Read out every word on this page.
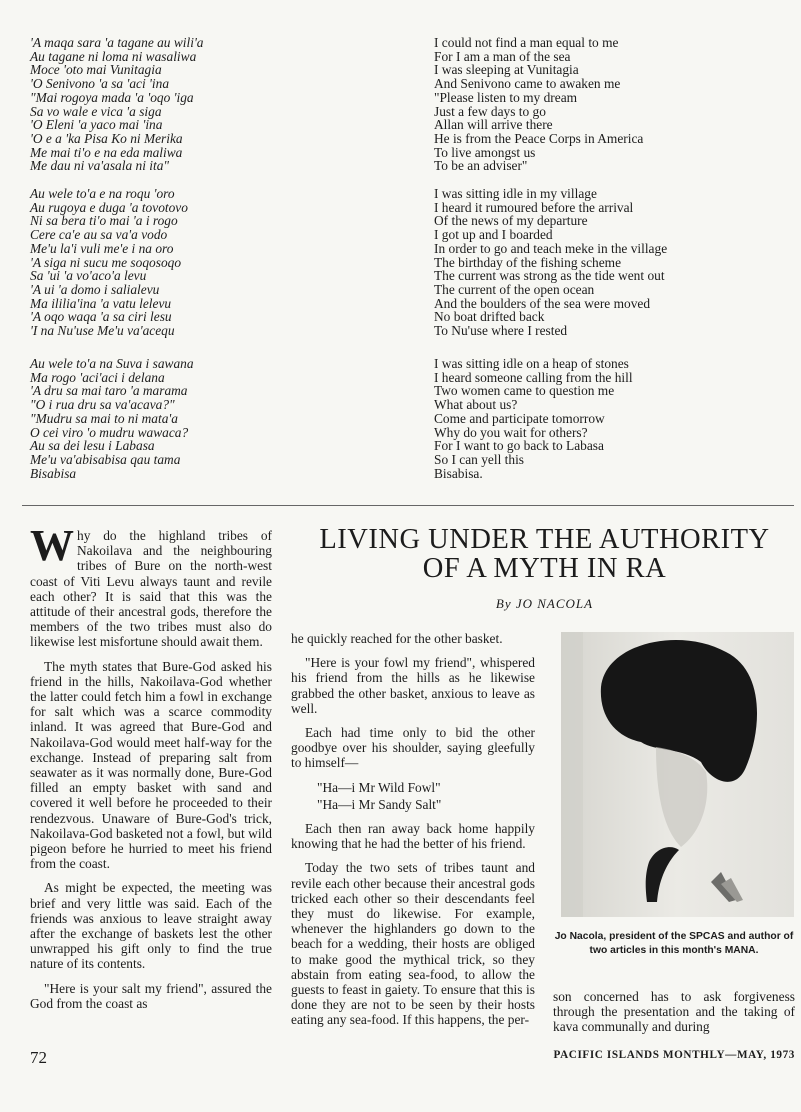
'A maqa sara 'a tagane au wili'a
Au tagane ni loma ni wasaliwa
Moce 'oto mai Vunitagia
'O Senivono 'a sa 'aci 'ina
"Mai rogoya mada 'a 'oqo 'iga
Sa vo wale e vica 'a siga
'O Eleni 'a yaco mai 'ina
'O e a 'ka Pisa Ko ni Merika
Me mai ti'o e na eda maliwa
Me dau ni va'asala ni ita"
Au wele to'a e na roqu 'oro
Au rugoya e duga 'a tovotovo
Ni sa bera ti'o mai 'a i rogo
Cere ca'e au sa va'a vodo
Me'u la'i vuli me'e i na oro
'A siga ni sucu me soqosoqo
Sa 'ui 'a vo'aco'a levu
'A ui 'a domo i salialevu
Ma ililia'ina 'a vatu lelevu
'A oqo waqa 'a sa ciri lesu
'I na Nu'use Me'u va'acequ
Au wele to'a na Suva i sawana
Ma rogo 'aci'aci i delana
'A dru sa mai taro 'a marama
"O i rua dru sa va'acava?"
"Mudru sa mai to ni mata'a
O cei viro 'o mudru wawaca?
Au sa dei lesu i Labasa
Me'u va'abisabisa qau tama
Bisabisa
I could not find a man equal to me
For I am a man of the sea
I was sleeping at Vunitagia
And Senivono came to awaken me
"Please listen to my dream
Just a few days to go
Allan will arrive there
He is from the Peace Corps in America
To live amongst us
To be an adviser"
I was sitting idle in my village
I heard it rumoured before the arrival
Of the news of my departure
I got up and I boarded
In order to go and teach meke in the village
The birthday of the fishing scheme
The current was strong as the tide went out
The current of the open ocean
And the boulders of the sea were moved
No boat drifted back
To Nu'use where I rested
I was sitting idle on a heap of stones
I heard someone calling from the hill
Two women came to question me
What about us?
Come and participate tomorrow
Why do you wait for others?
For I want to go back to Labasa
So I can yell this
Bisabisa.

Why do the highland tribes of Nakoilava and the neighbouring tribes of Bure on the north-west coast of Viti Levu always taunt and revile each other? It is said that this was the attitude of their ancestral gods, therefore the members of the two tribes must also do likewise lest misfortune should await them.

The myth states that Bure-God asked his friend in the hills, Nakoilava-God whether the latter could fetch him a fowl in exchange for salt which was a scarce commodity inland. It was agreed that Bure-God and Nakoilava-God would meet half-way for the exchange. Instead of preparing salt from seawater as it was normally done, Bure-God filled an empty basket with sand and covered it well before he proceeded to their rendezvous. Unaware of Bure-God's trick, Nakoilava-God basketed not a fowl, but wild pigeon before he hurried to meet his friend from the coast.

As might be expected, the meeting was brief and very little was said. Each of the friends was anxious to leave straight away after the exchange of baskets lest the other unwrapped his gift only to find the true nature of its contents.

"Here is your salt my friend", assured the God from the coast as

LIVING UNDER THE AUTHORITY
OF A MYTH IN RA
By JO NACOLA

he quickly reached for the other basket.

"Here is your fowl my friend", whispered his friend from the hills as he likewise grabbed the other basket, anxious to leave as well.

Each had time only to bid the other goodbye over his shoulder, saying gleefully to himself—

"Ha—i Mr Wild Fowl"

"Ha—i Mr Sandy Salt"

Each then ran away back home happily knowing that he had the better of his friend.

Today the two sets of tribes taunt and revile each other because their ancestral gods tricked each other so their descendants feel they must do likewise. For example, whenever the highlanders go down to the beach for a wedding, their hosts are obliged to make good the mythical trick, so they abstain from eating sea-food, to allow the guests to feast in gaiety. To ensure that this is done they are not to be seen by their hosts eating any sea-food. If this happens, the per-

Jo Nacola, president of the SPCAS and author of two articles in this month's MANA.

son concerned has to ask forgiveness through the presentation and the taking of kava communally and during

72	PACIFIC ISLANDS MONTHLY—MAY, 1973
